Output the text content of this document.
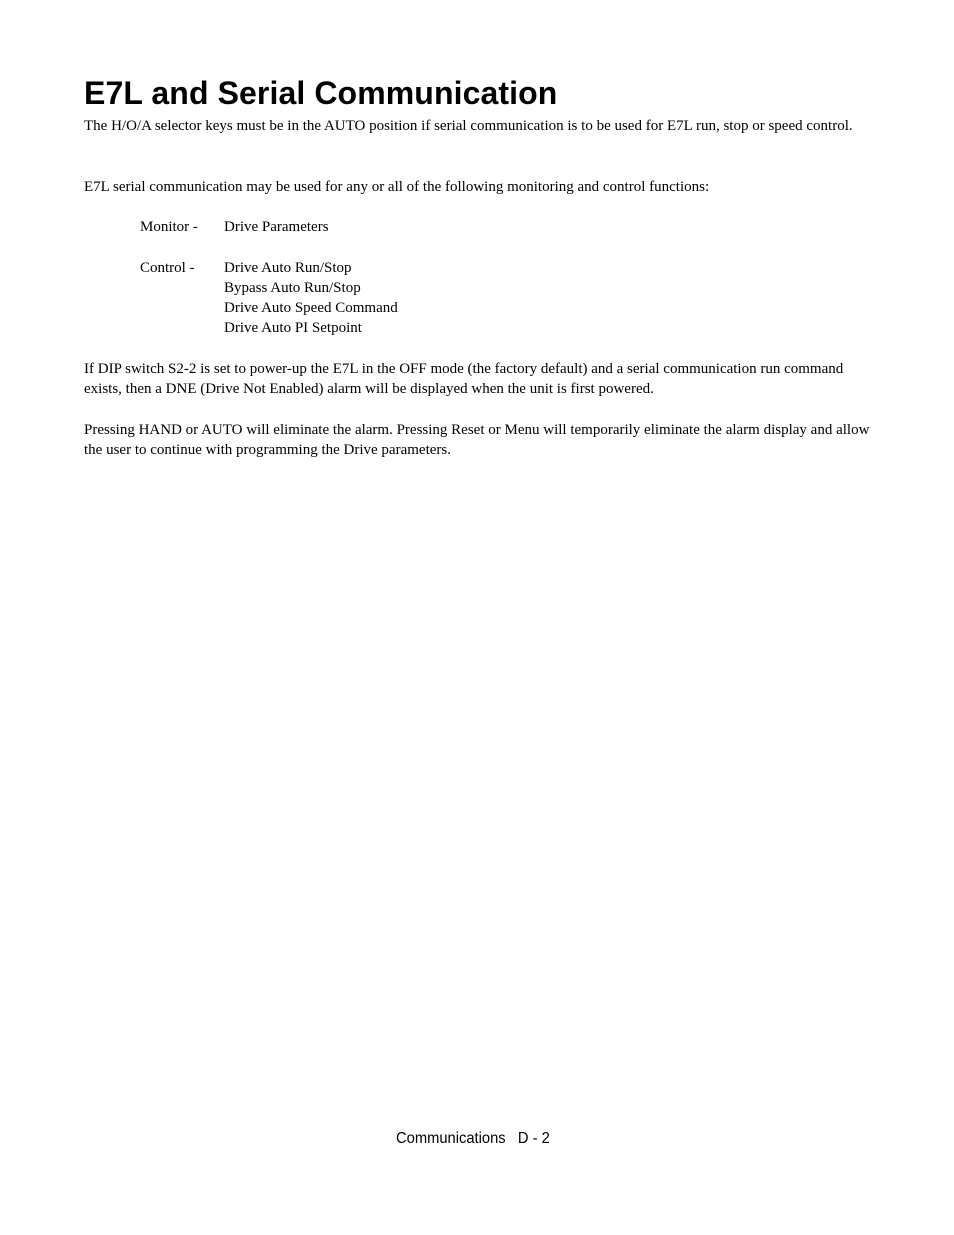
E7L and Serial Communication

The H/O/A selector keys must be in the AUTO position if serial communication is to be used for E7L run, stop or speed control.

E7L serial communication may be used for any or all of the following monitoring and control functions:

Monitor -	Drive Parameters
Control -	Drive Auto Run/Stop
Bypass Auto Run/Stop
Drive Auto Speed Command
Drive Auto PI Setpoint

If DIP switch S2-2 is set to power-up the E7L in the OFF mode (the factory default) and a serial communication run command exists, then a DNE (Drive Not Enabled) alarm will be displayed when the unit is first powered.

Pressing HAND or AUTO will eliminate the alarm. Pressing Reset or Menu will temporarily eliminate the alarm display and allow the user to continue with programming the Drive parameters.

Communications D - 2
